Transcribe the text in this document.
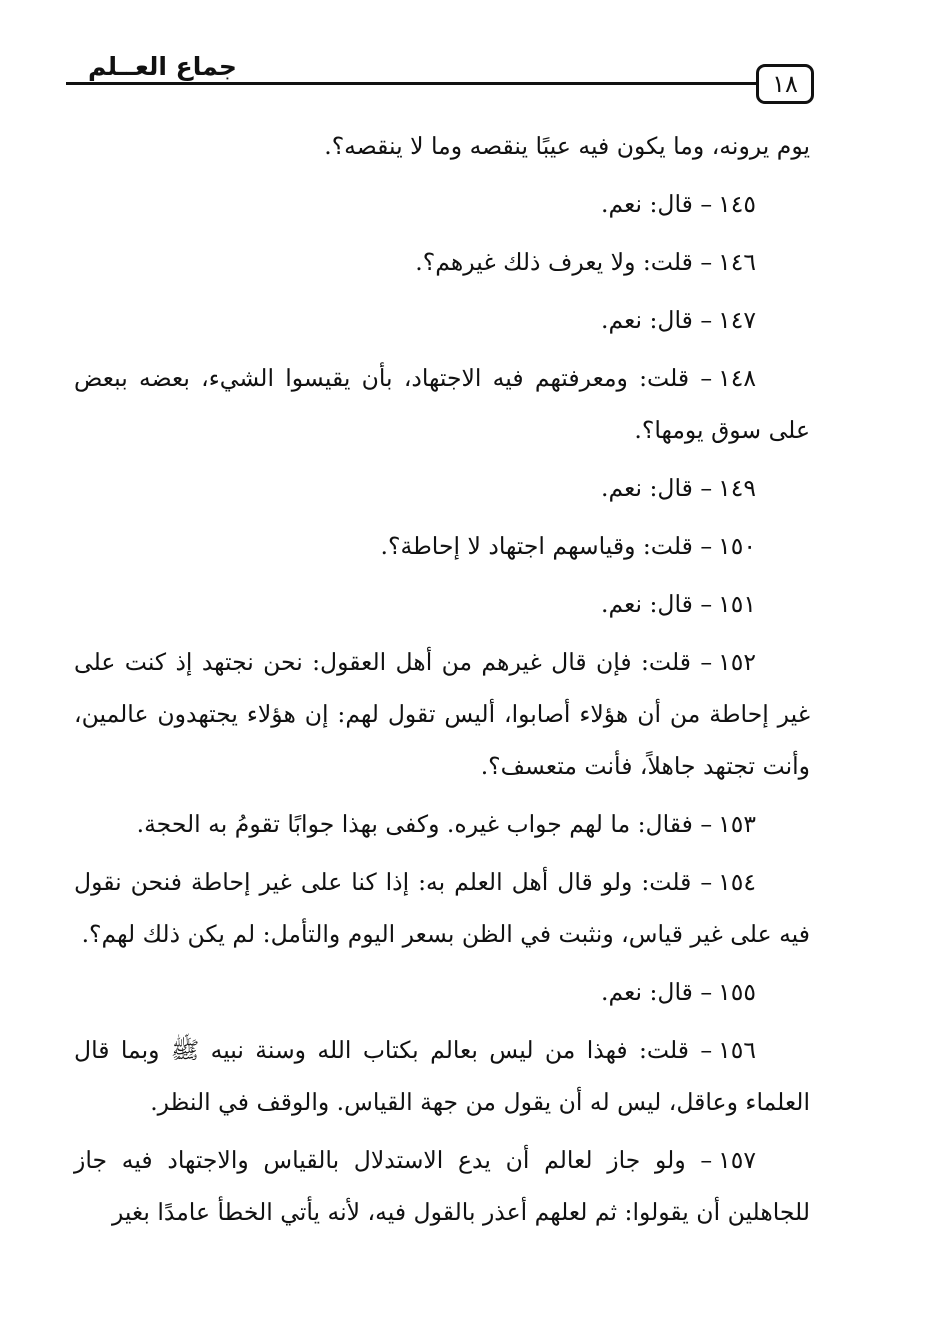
جماع العــلم
١٨

يوم يرونه، وما يكون فيه عيبًا ينقصه وما لا ينقصه؟.

١٤٥– قال: نعم.

١٤٦– قلت: ولا يعرف ذلك غيرهم؟.

١٤٧– قال: نعم.

١٤٨– قلت: ومعرفتهم فيه الاجتهاد، بأن يقيسوا الشيء، بعضه ببعض على سوق يومها؟.

١٤٩– قال: نعم.

١٥٠– قلت: وقياسهم اجتهاد لا إحاطة؟.

١٥١– قال: نعم.

١٥٢– قلت: فإن قال غيرهم من أهل العقول: نحن نجتهد إذ كنت على غير إحاطة من أن هؤلاء أصابوا، أليس تقول لهم: إن هؤلاء يجتهدون عالمين، وأنت تجتهد جاهلاً، فأنت متعسف؟.

١٥٣– فقال: ما لهم جواب غيره. وكفى بهذا جوابًا تقومُ به الحجة.

١٥٤– قلت: ولو قال أهل العلم به: إذا كنا على غير إحاطة فنحن نقول فيه على غير قياس، ونثبت في الظن بسعر اليوم والتأمل: لم يكن ذلك لهم؟.

١٥٥– قال: نعم.

١٥٦– قلت: فهذا من ليس بعالم بكتاب الله وسنة نبيه ﷺ وبما قال العلماء وعاقل، ليس له أن يقول من جهة القياس. والوقف في النظر.

١٥٧– ولو جاز لعالم أن يدع الاستدلال بالقياس والاجتهاد فيه جاز للجاهلين أن يقولوا: ثم لعلهم أعذر بالقول فيه، لأنه يأتي الخطأ عامدًا بغير
